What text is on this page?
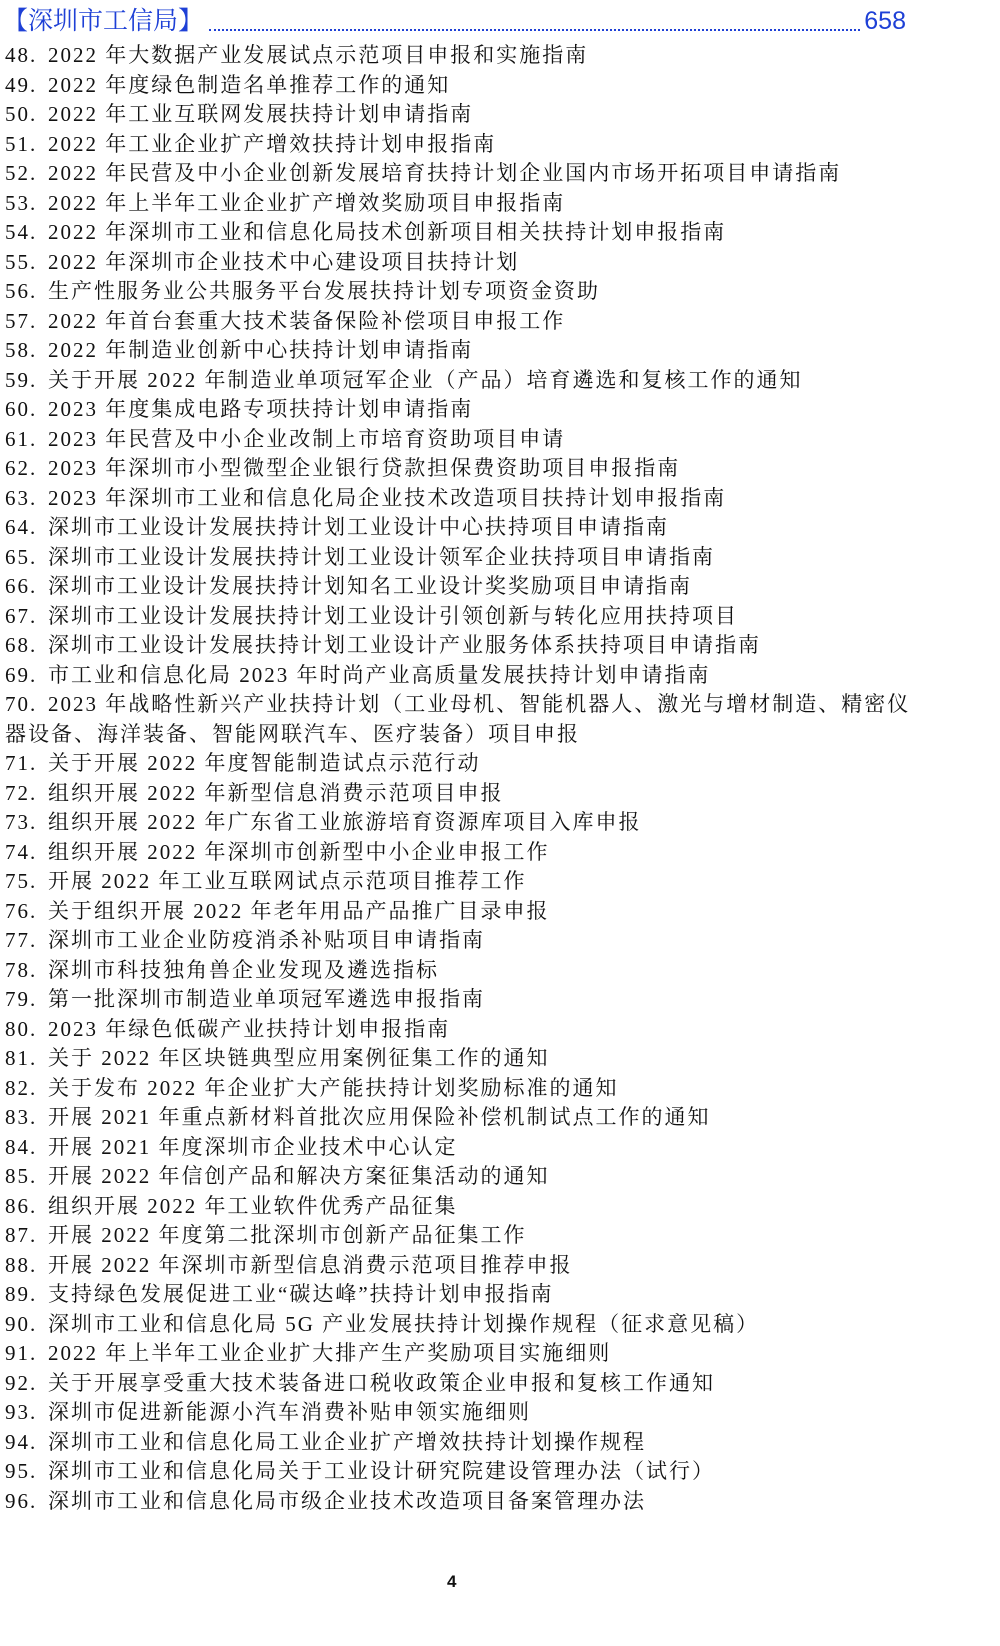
【深圳市工信局】	658
48. 2022 年大数据产业发展试点示范项目申报和实施指南
49. 2022 年度绿色制造名单推荐工作的通知
50. 2022 年工业互联网发展扶持计划申请指南
51. 2022 年工业企业扩产增效扶持计划申报指南
52. 2022 年民营及中小企业创新发展培育扶持计划企业国内市场开拓项目申请指南
53. 2022 年上半年工业企业扩产增效奖励项目申报指南
54. 2022 年深圳市工业和信息化局技术创新项目相关扶持计划申报指南
55. 2022 年深圳市企业技术中心建设项目扶持计划
56. 生产性服务业公共服务平台发展扶持计划专项资金资助
57. 2022 年首台套重大技术装备保险补偿项目申报工作
58. 2022 年制造业创新中心扶持计划申请指南
59. 关于开展 2022 年制造业单项冠军企业（产品）培育遴选和复核工作的通知
60. 2023 年度集成电路专项扶持计划申请指南
61. 2023 年民营及中小企业改制上市培育资助项目申请
62. 2023 年深圳市小型微型企业银行贷款担保费资助项目申报指南
63. 2023 年深圳市工业和信息化局企业技术改造项目扶持计划申报指南
64. 深圳市工业设计发展扶持计划工业设计中心扶持项目申请指南
65. 深圳市工业设计发展扶持计划工业设计领军企业扶持项目申请指南
66. 深圳市工业设计发展扶持计划知名工业设计奖奖励项目申请指南
67. 深圳市工业设计发展扶持计划工业设计引领创新与转化应用扶持项目
68. 深圳市工业设计发展扶持计划工业设计产业服务体系扶持项目申请指南
69. 市工业和信息化局 2023 年时尚产业高质量发展扶持计划申请指南
70. 2023 年战略性新兴产业扶持计划（工业母机、智能机器人、激光与增材制造、精密仪器设备、海洋装备、智能网联汽车、医疗装备）项目申报
71. 关于开展 2022 年度智能制造试点示范行动
72. 组织开展 2022 年新型信息消费示范项目申报
73. 组织开展 2022 年广东省工业旅游培育资源库项目入库申报
74. 组织开展 2022 年深圳市创新型中小企业申报工作
75. 开展 2022 年工业互联网试点示范项目推荐工作
76. 关于组织开展 2022 年老年用品产品推广目录申报
77. 深圳市工业企业防疫消杀补贴项目申请指南
78. 深圳市科技独角兽企业发现及遴选指标
79. 第一批深圳市制造业单项冠军遴选申报指南
80. 2023 年绿色低碳产业扶持计划申报指南
81. 关于 2022 年区块链典型应用案例征集工作的通知
82. 关于发布 2022 年企业扩大产能扶持计划奖励标准的通知
83. 开展 2021 年重点新材料首批次应用保险补偿机制试点工作的通知
84. 开展 2021 年度深圳市企业技术中心认定
85. 开展 2022 年信创产品和解决方案征集活动的通知
86. 组织开展 2022 年工业软件优秀产品征集
87. 开展 2022 年度第二批深圳市创新产品征集工作
88. 开展 2022 年深圳市新型信息消费示范项目推荐申报
89. 支持绿色发展促进工业“碳达峰”扶持计划申报指南
90. 深圳市工业和信息化局 5G 产业发展扶持计划操作规程（征求意见稿）
91. 2022 年上半年工业企业扩大排产生产奖励项目实施细则
92. 关于开展享受重大技术装备进口税收政策企业申报和复核工作通知
93. 深圳市促进新能源小汽车消费补贴申领实施细则
94. 深圳市工业和信息化局工业企业扩产增效扶持计划操作规程
95. 深圳市工业和信息化局关于工业设计研究院建设管理办法（试行）
96. 深圳市工业和信息化局市级企业技术改造项目备案管理办法
4
